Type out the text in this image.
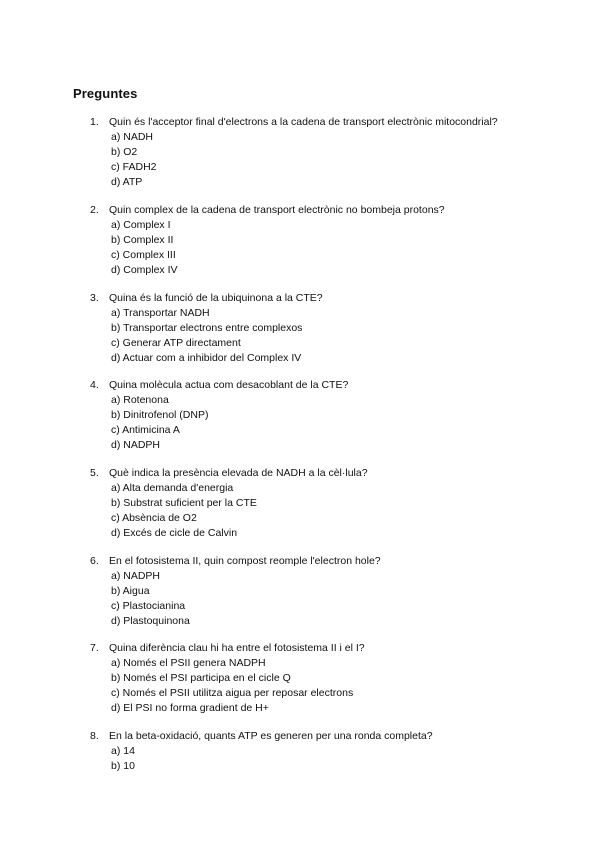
Preguntes
1. Quin és l'acceptor final d'electrons a la cadena de transport electrònic mitocondrial?
a) NADH
b) O2
c) FADH2
d) ATP
2. Quin complex de la cadena de transport electrònic no bombeja protons?
a) Complex I
b) Complex II
c) Complex III
d) Complex IV
3. Quina és la funció de la ubiquinona a la CTE?
a) Transportar NADH
b) Transportar electrons entre complexos
c) Generar ATP directament
d) Actuar com a inhibidor del Complex IV
4. Quina molècula actua com desacoblant de la CTE?
a) Rotenona
b) Dinitrofenol (DNP)
c) Antimicina A
d) NADPH
5. Què indica la presència elevada de NADH a la cèl·lula?
a) Alta demanda d'energia
b) Substrat suficient per la CTE
c) Absència de O2
d) Excés de cicle de Calvin
6. En el fotosistema II, quin compost reomple l'electron hole?
a) NADPH
b) Aigua
c) Plastocianina
d) Plastoquinona
7. Quina diferència clau hi ha entre el fotosistema II i el I?
a) Només el PSII genera NADPH
b) Només el PSI participa en el cicle Q
c) Només el PSII utilitza aigua per reposar electrons
d) El PSI no forma gradient de H+
8. En la beta-oxidació, quants ATP es generen per una ronda completa?
a) 14
b) 10
